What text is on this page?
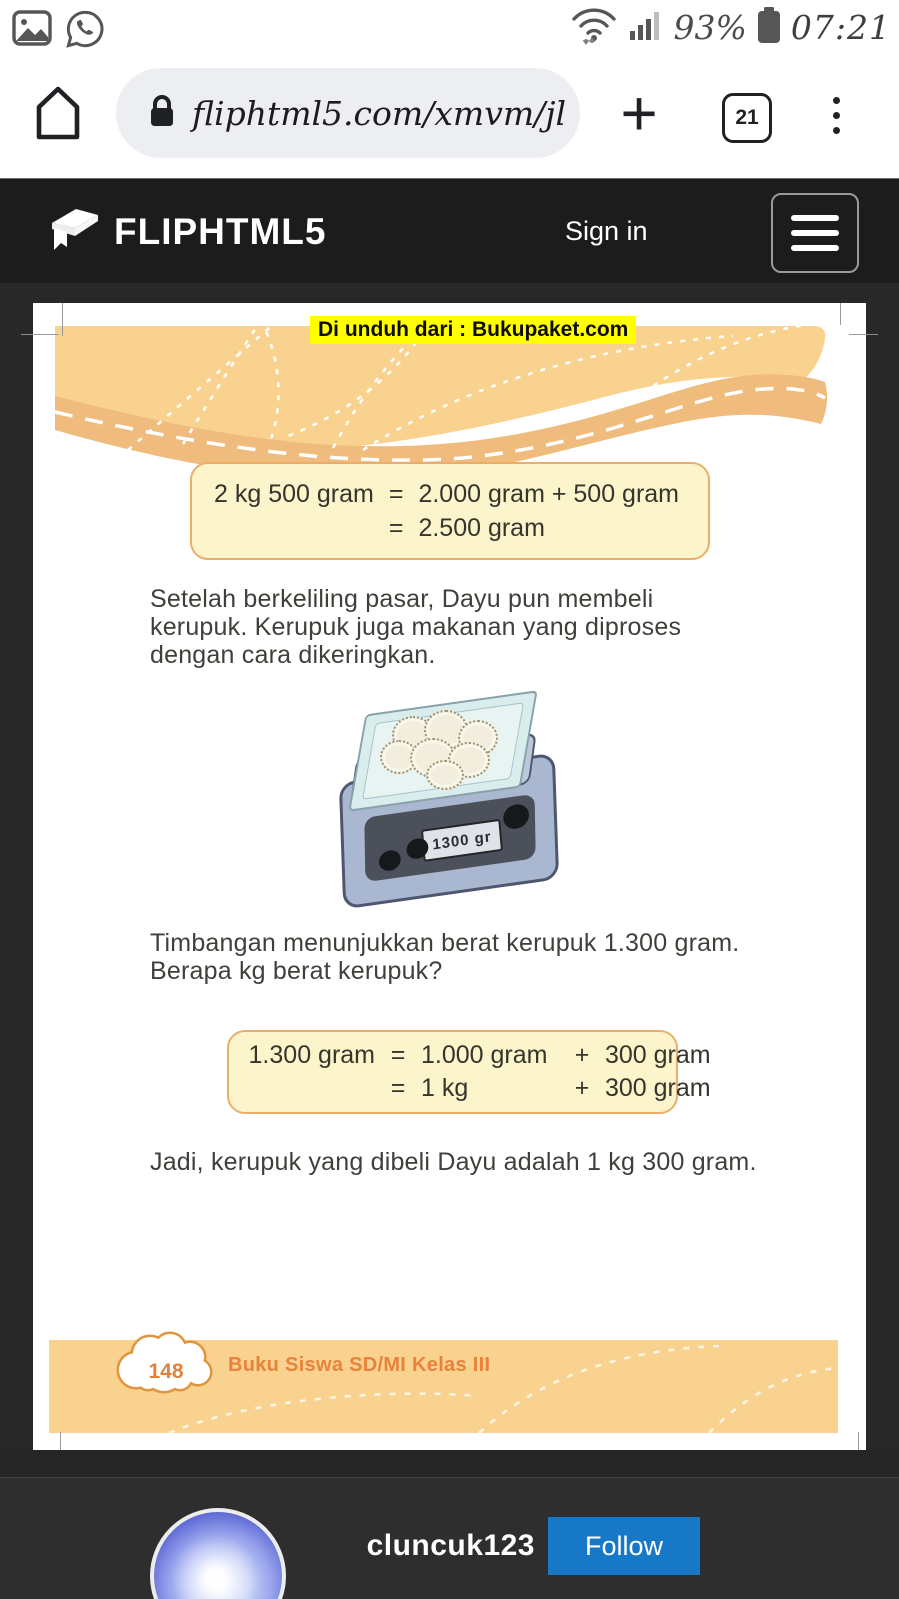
93% 07:21
fliphtml5.com/xmvm/jl +	21
FLIPHTML5	Sign in
Di unduh dari : Bukupaket.com
2 kg 500 gram = 2.000 gram + 500 gram
= 2.500 gram
Setelah berkeliling pasar, Dayu pun membeli
kerupuk. Kerupuk juga makanan yang diproses
dengan cara dikeringkan.
1300 gr
Timbangan menunjukkan berat kerupuk 1.300 gram.
Berapa kg berat kerupuk?
1.300 gram = 1.000 gram	+ 300 gram
= 1 kg	+ 300 gram
Jadi, kerupuk yang dibeli Dayu adalah 1 kg 300 gram.
148 Buku Siswa SD/MI Kelas III
cluncuk123	Follow
